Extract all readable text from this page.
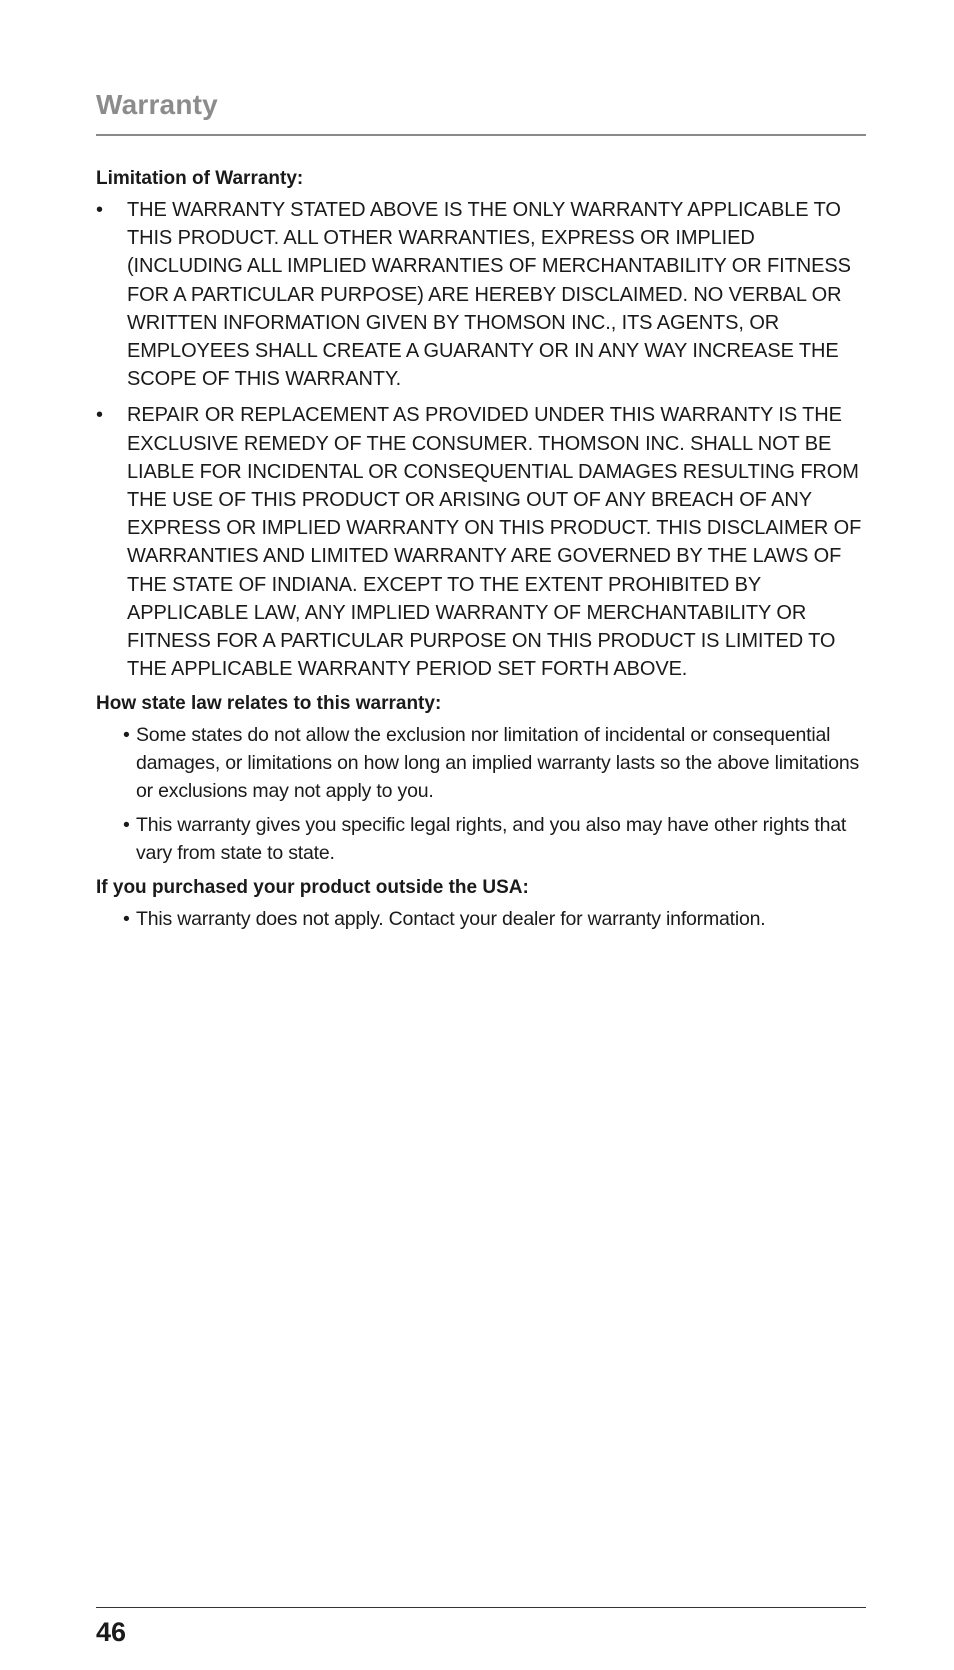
Warranty

Limitation of Warranty:

• THE WARRANTY STATED ABOVE IS THE ONLY WARRANTY APPLICABLE TO THIS PRODUCT. ALL OTHER WARRANTIES, EXPRESS OR IMPLIED (INCLUDING ALL IMPLIED WARRANTIES OF MERCHANTABILITY OR FITNESS FOR A PARTICULAR PURPOSE) ARE HEREBY DISCLAIMED. NO VERBAL OR WRITTEN INFORMATION GIVEN BY THOMSON INC., ITS AGENTS, OR EMPLOYEES SHALL CREATE A GUARANTY OR IN ANY WAY INCREASE THE SCOPE OF THIS WARRANTY.
• REPAIR OR REPLACEMENT AS PROVIDED UNDER THIS WARRANTY IS THE EXCLUSIVE REMEDY OF THE CONSUMER. THOMSON INC. SHALL NOT BE LIABLE FOR INCIDENTAL OR CONSEQUENTIAL DAMAGES RESULTING FROM THE USE OF THIS PRODUCT OR ARISING OUT OF ANY BREACH OF ANY EXPRESS OR IMPLIED WARRANTY ON THIS PRODUCT. THIS DISCLAIMER OF WARRANTIES AND LIMITED WARRANTY ARE GOVERNED BY THE LAWS OF THE STATE OF INDIANA. EXCEPT TO THE EXTENT PROHIBITED BY APPLICABLE LAW, ANY IMPLIED WARRANTY OF MERCHANTABILITY OR FITNESS FOR A PARTICULAR PURPOSE ON THIS PRODUCT IS LIMITED TO THE APPLICABLE WARRANTY PERIOD SET FORTH ABOVE.

How state law relates to this warranty:

• Some states do not allow the exclusion nor limitation of incidental or consequential damages, or limitations on how long an implied warranty lasts so the above limitations or exclusions may not apply to you.
• This warranty gives you specific legal rights, and you also may have other rights that vary from state to state.

If you purchased your product outside the USA:

• This warranty does not apply. Contact your dealer for warranty information.
46
